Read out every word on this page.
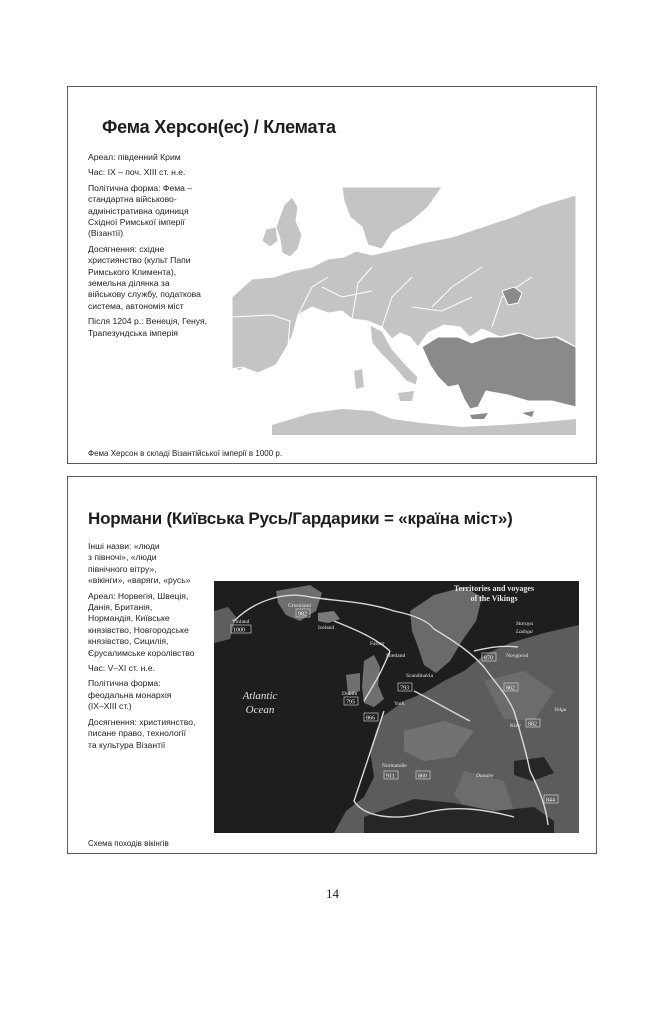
Фема Херсон(ес) / Клемата

Ареал: південний Крим

Час: IX – поч. XIII ст. н.е.

Політична форма: Фема –
стандартна військово-
адміністративна одиниця
Східної Римської імперії
(Візантії)

Досягнення: східне
християнство (культ Папи
Римського Климента),
земельна ділянка за
військову службу, податкова
система, автономія міст

Після 1204 р.: Венеція, Генуя,
Трапезундська імперія

Фема Херсон в складі Візантійської імперії в 1000 р.
Нормани (Київська Русь/Гардарики = «країна міст»)

Інші назви: «люди
з півночі», «люди
північного вітру»,
«вікінги», «варяги, «русь»

Ареал: Норвегія, Швеція,
Данія, Британія,
Нормандія, Київське
князівство, Новгородське
князівство, Сицилія,
Єрусалимське королівство

Час: V–XI ст. н.е.

Політична форма:
феодальна монархія
(IX–XIII ст.)

Досягнення: християнство,
писане право, технології
та культура Візантії

Territories and voyages
of the Vikings
Atlantic
Ocean
Vinland
Greenland
Iceland
Faroer
Shetland
Scandinavia
Dublin
York
Normandie
Staraya
Ladoga
Novgorod
Kiev
Volga
Danube
1000
982
795
793
866
870
862
882
911	860
844
Схема походів вікінгів
14
